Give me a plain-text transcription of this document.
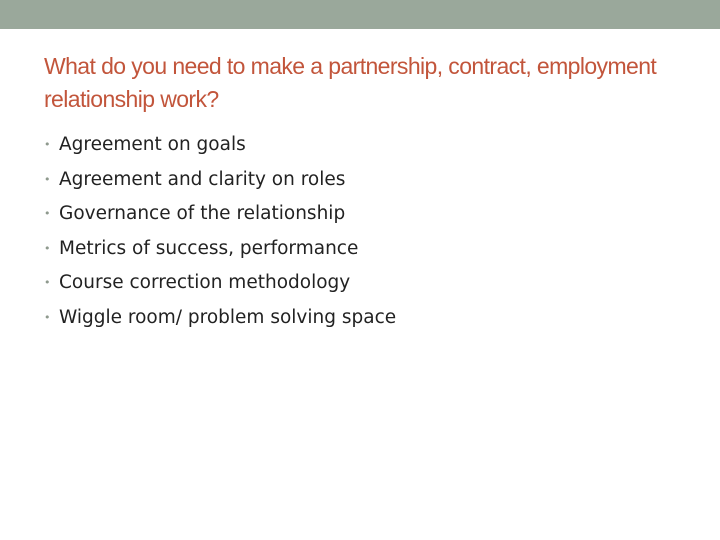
What do you need to make a partnership, contract, employment relationship work?
• Agreement on goals
• Agreement and clarity on roles
• Governance of the relationship
• Metrics of success, performance
• Course correction methodology
• Wiggle room/ problem solving space
